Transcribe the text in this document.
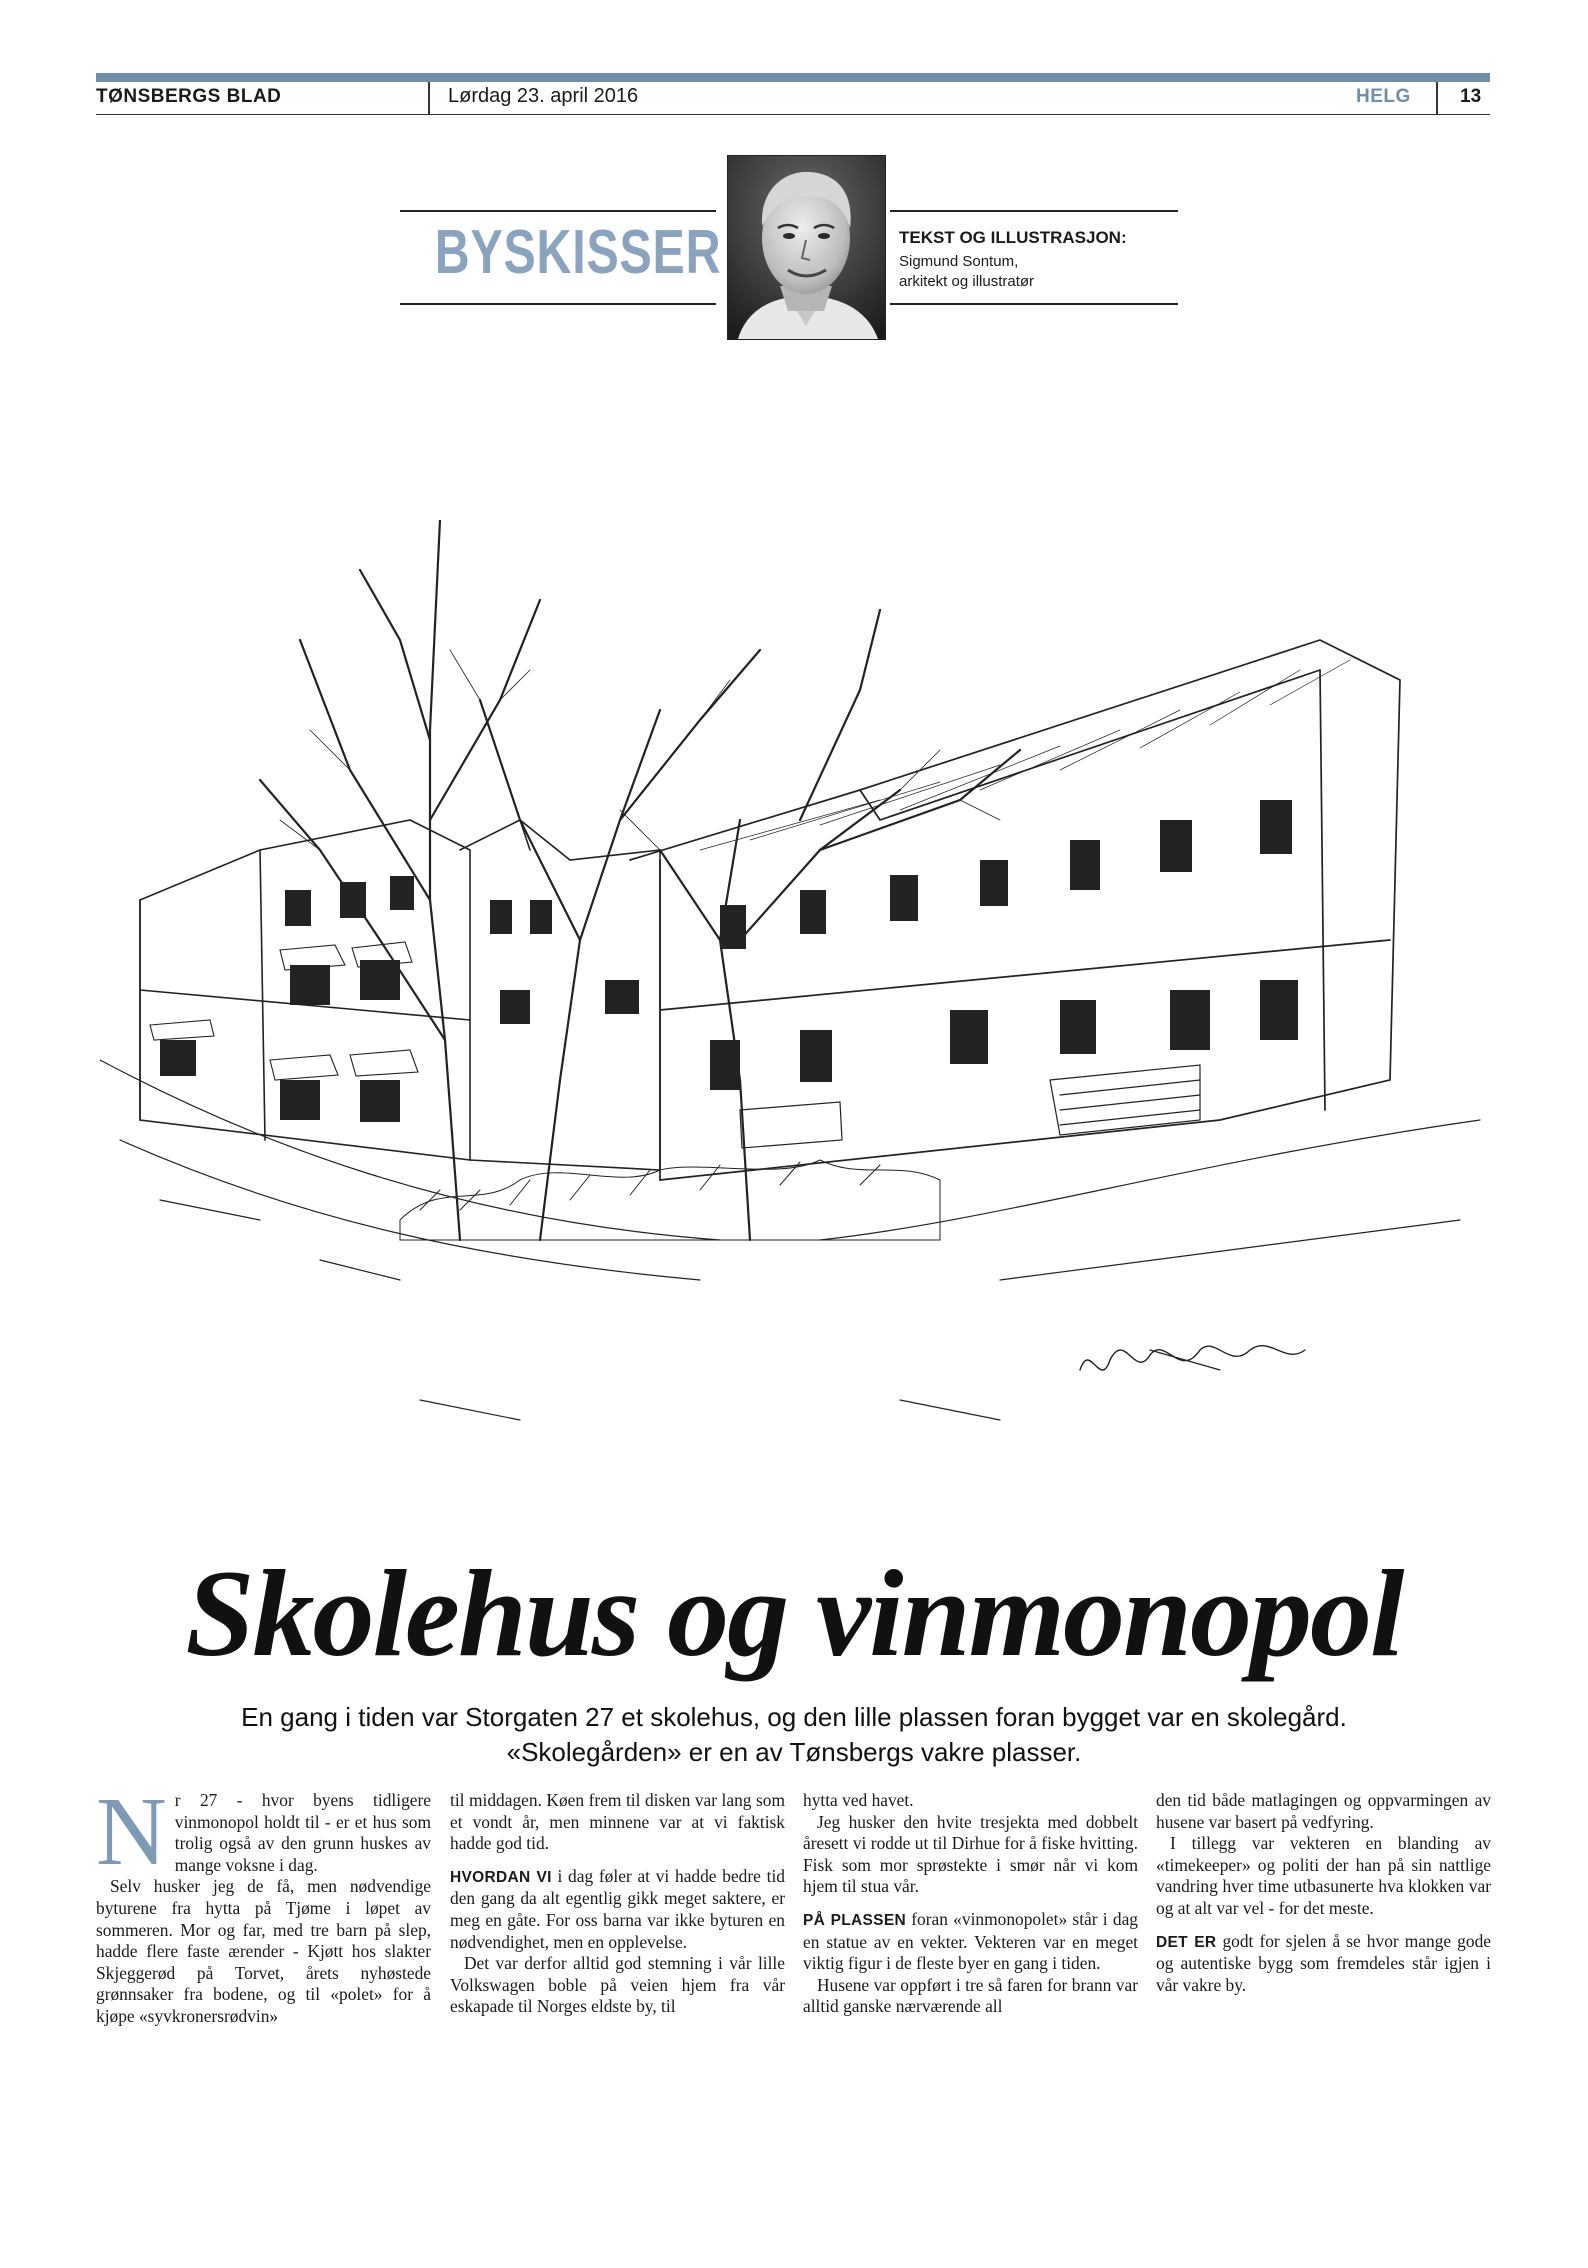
TØNSBERGS BLAD	Lørdag 23. april 2016	HELG	13
BYSKISSER	TEKST OG ILLUSTRASJON:
Sigmund Sontum,
arkitekt og illustratør
Skolehus og vinmonopol
En gang i tiden var Storgaten 27 et skolehus, og den lille plassen foran bygget var en skolegård.
«Skolegården» er en av Tønsbergs vakre plasser.

Nr 27 - hvor byens tidligere vinmonopol holdt til - er et hus som trolig også av den grunn huskes av mange voksne i dag.

Selv husker jeg de få, men nødvendige byturene fra hytta på Tjøme i løpet av sommeren. Mor og far, med tre barn på slep, hadde flere faste ærender - Kjøtt hos slakter Skjeggerød på Torvet, årets nyhøstede grønnsaker fra bodene, og til «polet» for å kjøpe «syvkronersrødvin»

til middagen. Køen frem til disken var lang som et vondt år, men minnene var at vi faktisk hadde god tid.

HVORDAN VI i dag føler at vi hadde bedre tid den gang da alt egentlig gikk meget saktere, er meg en gåte. For oss barna var ikke byturen en nødvendighet, men en opplevelse.

Det var derfor alltid god stemning i vår lille Volkswagen boble på veien hjem fra vår eskapade til Norges eldste by, til

hytta ved havet.

Jeg husker den hvite tresjekta med dobbelt åresett vi rodde ut til Dirhue for å fiske hvitting. Fisk som mor sprøstekte i smør når vi kom hjem til stua vår.

PÅ PLASSEN foran «vinmonopolet» står i dag en statue av en vekter. Vekteren var en meget viktig figur i de fleste byer en gang i tiden.

Husene var oppført i tre så faren for brann var alltid ganske nærværende all

den tid både matlagingen og oppvarmingen av husene var basert på vedfyring.

I tillegg var vekteren en blanding av «timekeeper» og politi der han på sin nattlige vandring hver time utbasunerte hva klokken var og at alt var vel - for det meste.

DET ER godt for sjelen å se hvor mange gode og autentiske bygg som fremdeles står igjen i vår vakre by.
